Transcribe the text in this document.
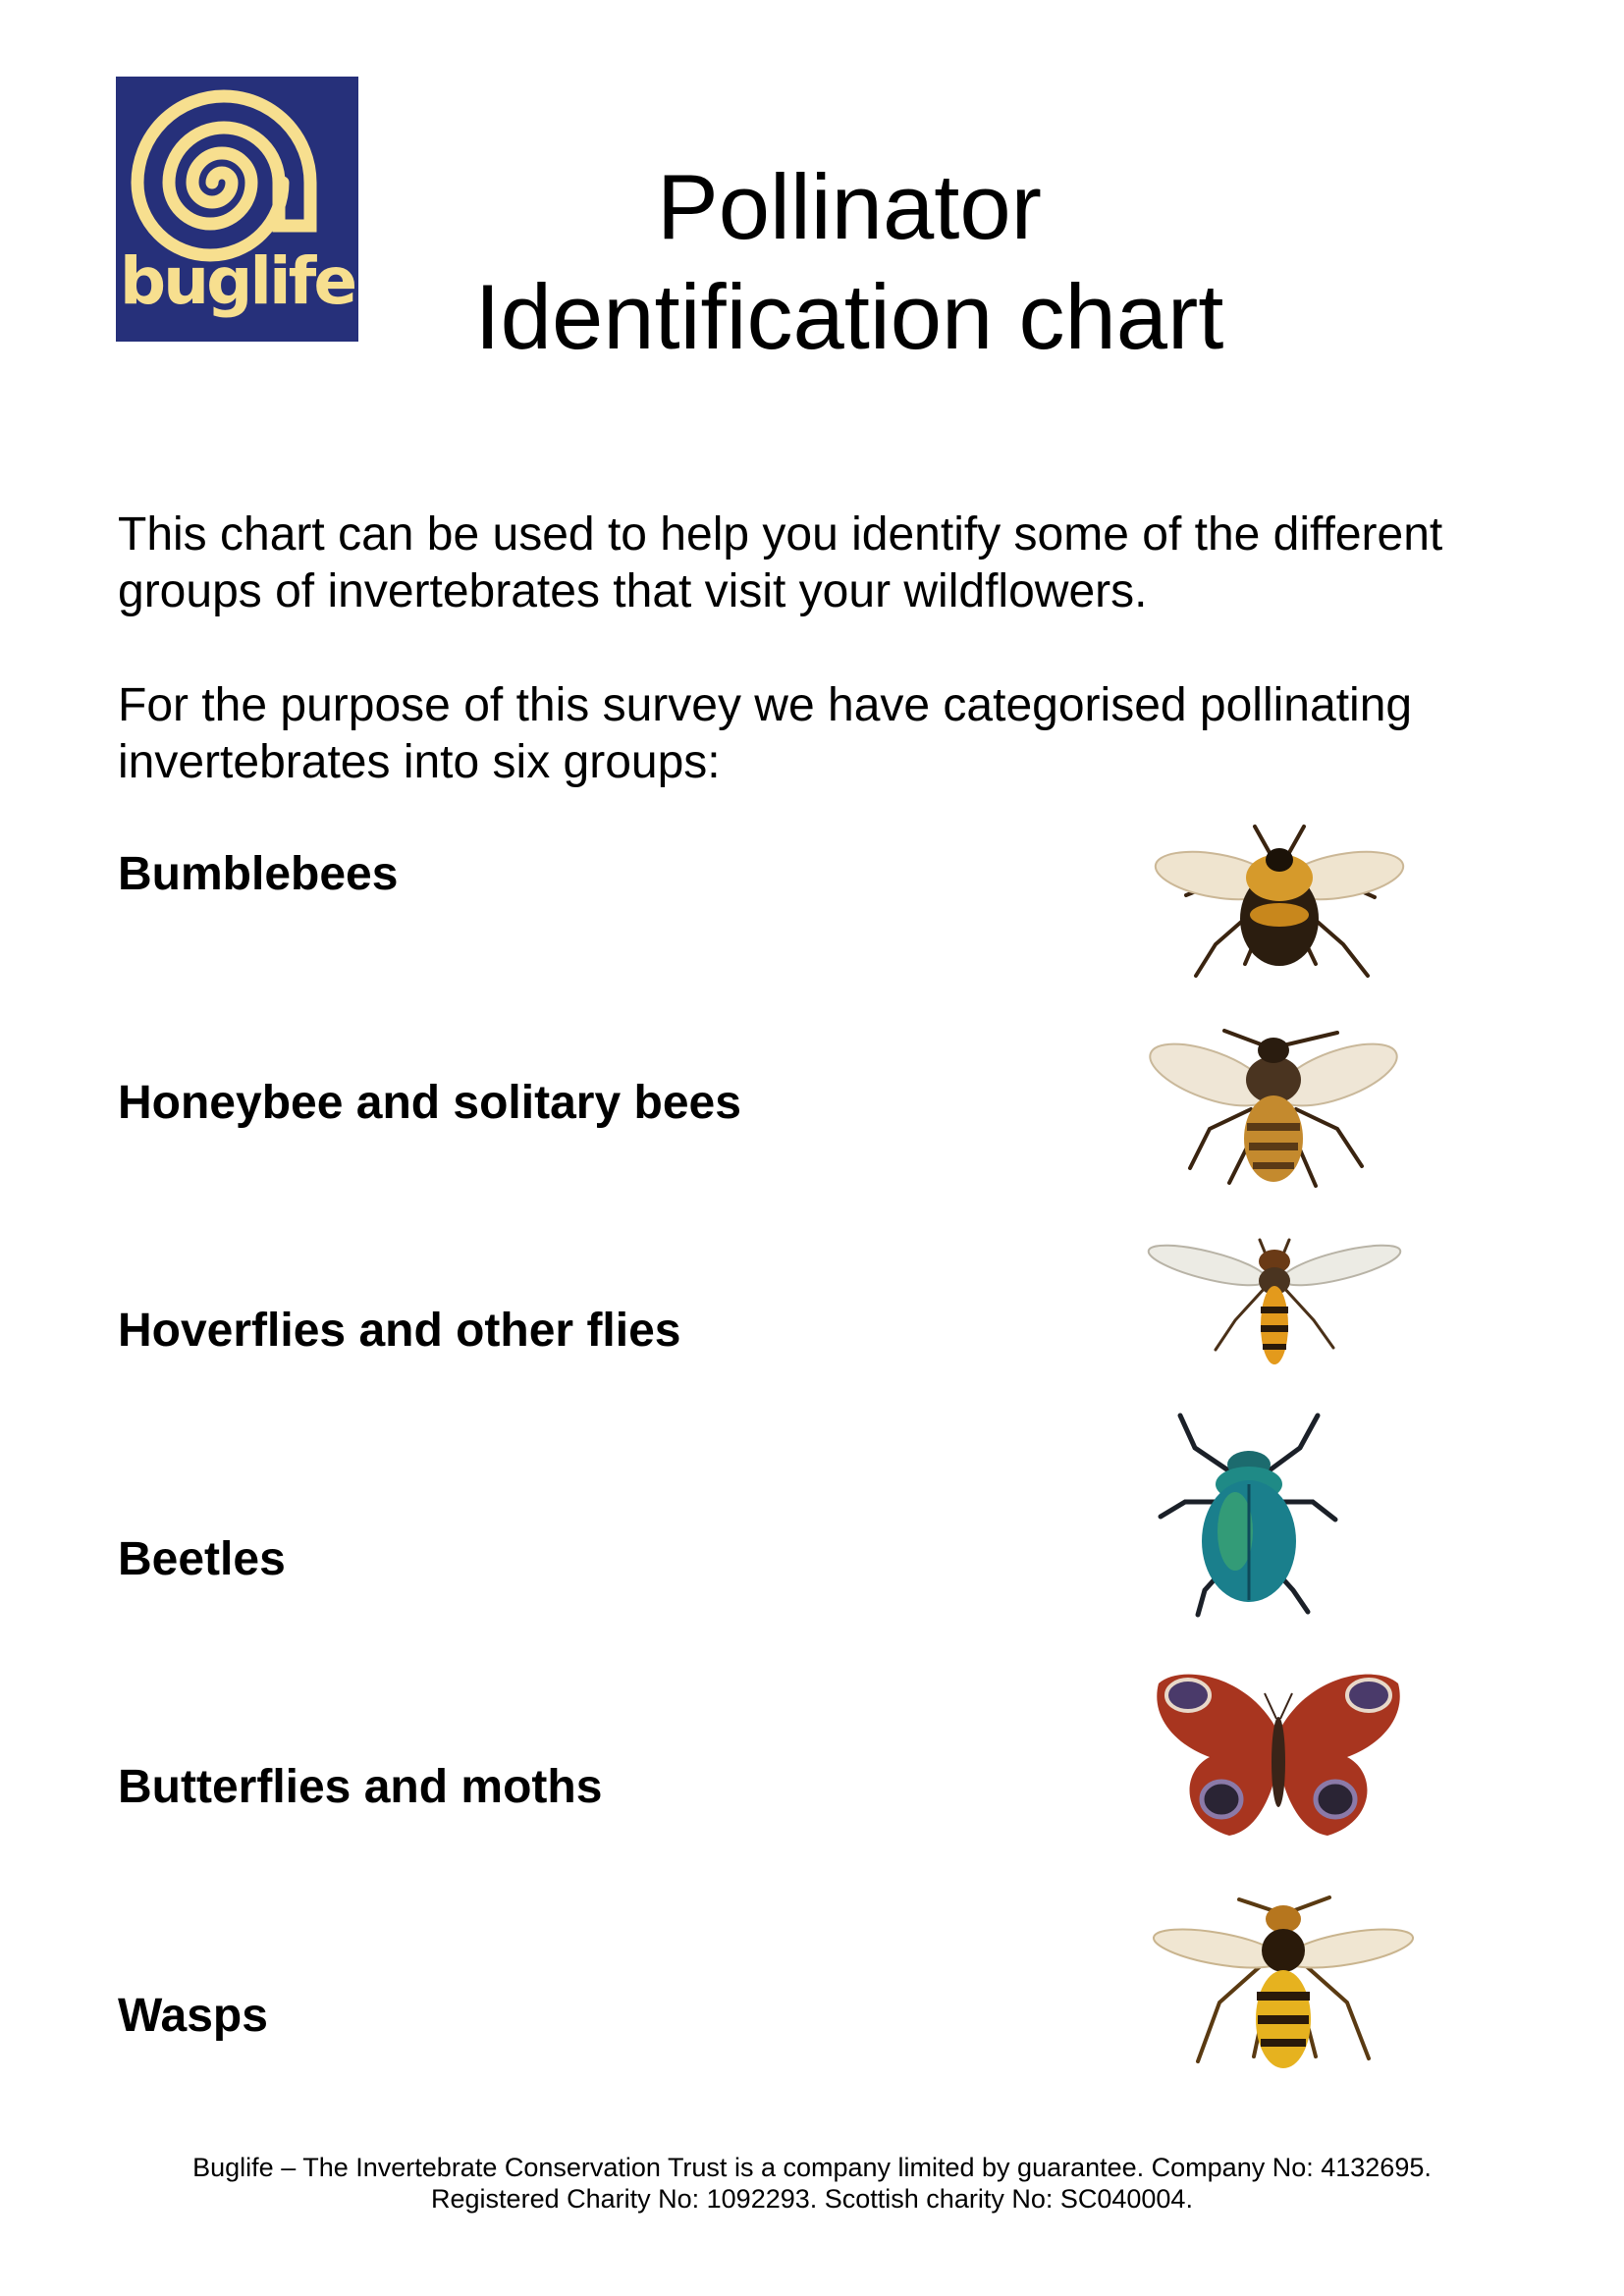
buglife
Pollinator
Identification chart

This chart can be used to help you identify some of the different groups of invertebrates that visit your wildflowers.

For the purpose of this survey we have categorised pollinating invertebrates into six groups:

Bumblebees
Honeybee and solitary bees
Hoverflies and other flies
Beetles
Butterflies and moths
Wasps
Buglife – The Invertebrate Conservation Trust is a company limited by guarantee. Company No: 4132695.
Registered Charity No: 1092293. Scottish charity No: SC040004.
